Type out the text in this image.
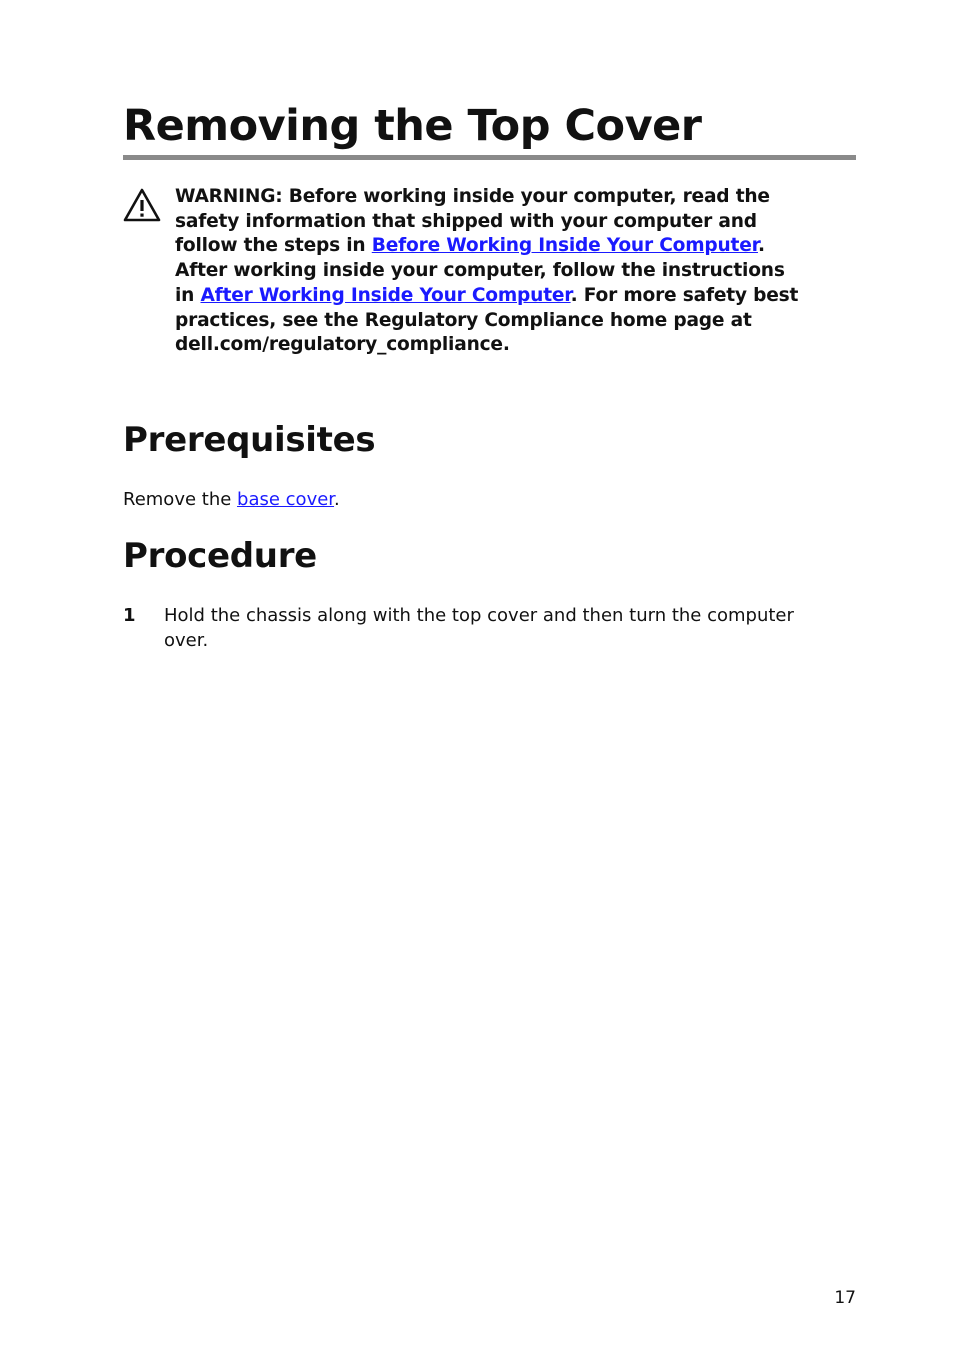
Removing the Top Cover
WARNING: Before working inside your computer, read the
safety information that shipped with your computer and
follow the steps in Before Working Inside Your Computer.
After working inside your computer, follow the instructions
in After Working Inside Your Computer. For more safety best
practices, see the Regulatory Compliance home page at
dell.com/regulatory_compliance.
Prerequisites
Remove the base cover.
Procedure
1 Hold the chassis along with the top cover and then turn the computer
over.
17
